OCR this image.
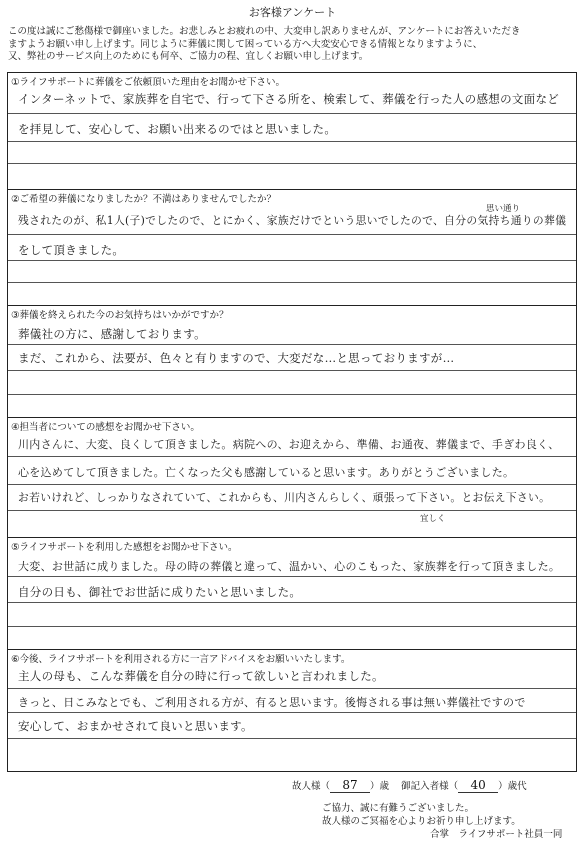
お客様アンケート
この度は誠にご愁傷様で御座いました。お悲しみとお疲れの中、大変申し訳ありませんが、アンケートにお答えいただき
ますようお願い申し上げます。同じように葬儀に関して困っている方へ大変安心できる情報となりますように、
又、弊社のサービス向上のためにも何卒、ご協力の程、宜しくお願い申し上げます。
①ライフサポートに葬儀をご依頼頂いた理由をお聞かせ下さい。
インターネットで、家族葬を自宅で、行って下さる所を、検索して、葬儀を行った人の感想の文面など
を拝見して、安心して、お願い出来るのではと思いました。
②ご希望の葬儀になりましたか？不満はありませんでしたか？
思い通り
残されたのが、私1人(子)でしたので、とにかく、家族だけでという思いでしたので、自分の気持ち通りの葬儀
をして頂きました。
③葬儀を終えられた今のお気持ちはいかがですか？
葬儀社の方に、感謝しております。
まだ、これから、法要が、色々と有りますので、大変だな…と思っておりますが…
④担当者についての感想をお聞かせ下さい。
川内さんに、大変、良くして頂きました。病院への、お迎えから、準備、お通夜、葬儀まで、手ぎわ良く、
心を込めてして頂きました。亡くなった父も感謝していると思います。ありがとうございました。
お若いけれど、しっかりなされていて、これからも、川内さんらしく、頑張って下さい。とお伝え下さい。
宜しく
⑤ライフサポートを利用した感想をお聞かせ下さい。
大変、お世話に成りました。母の時の葬儀と違って、温かい、心のこもった、家族葬を行って頂きました。
自分の日も、御社でお世話に成りたいと思いました。
⑥今後、ライフサポートを利用される方に一言アドバイスをお願いいたします。
主人の母も、こんな葬儀を自分の時に行って欲しいと言われました。
きっと、日こみなとでも、ご利用される方が、有ると思います。後悔される事は無い葬儀社ですので
安心して、おまかせされて良いと思います。
故人様（ 87 ）歳 御記入者様（ 40 ）歳代
ご協力、誠に有難うございました。
故人様のご冥福を心よりお祈り申し上げます。
合掌　ライフサポート社員一同
